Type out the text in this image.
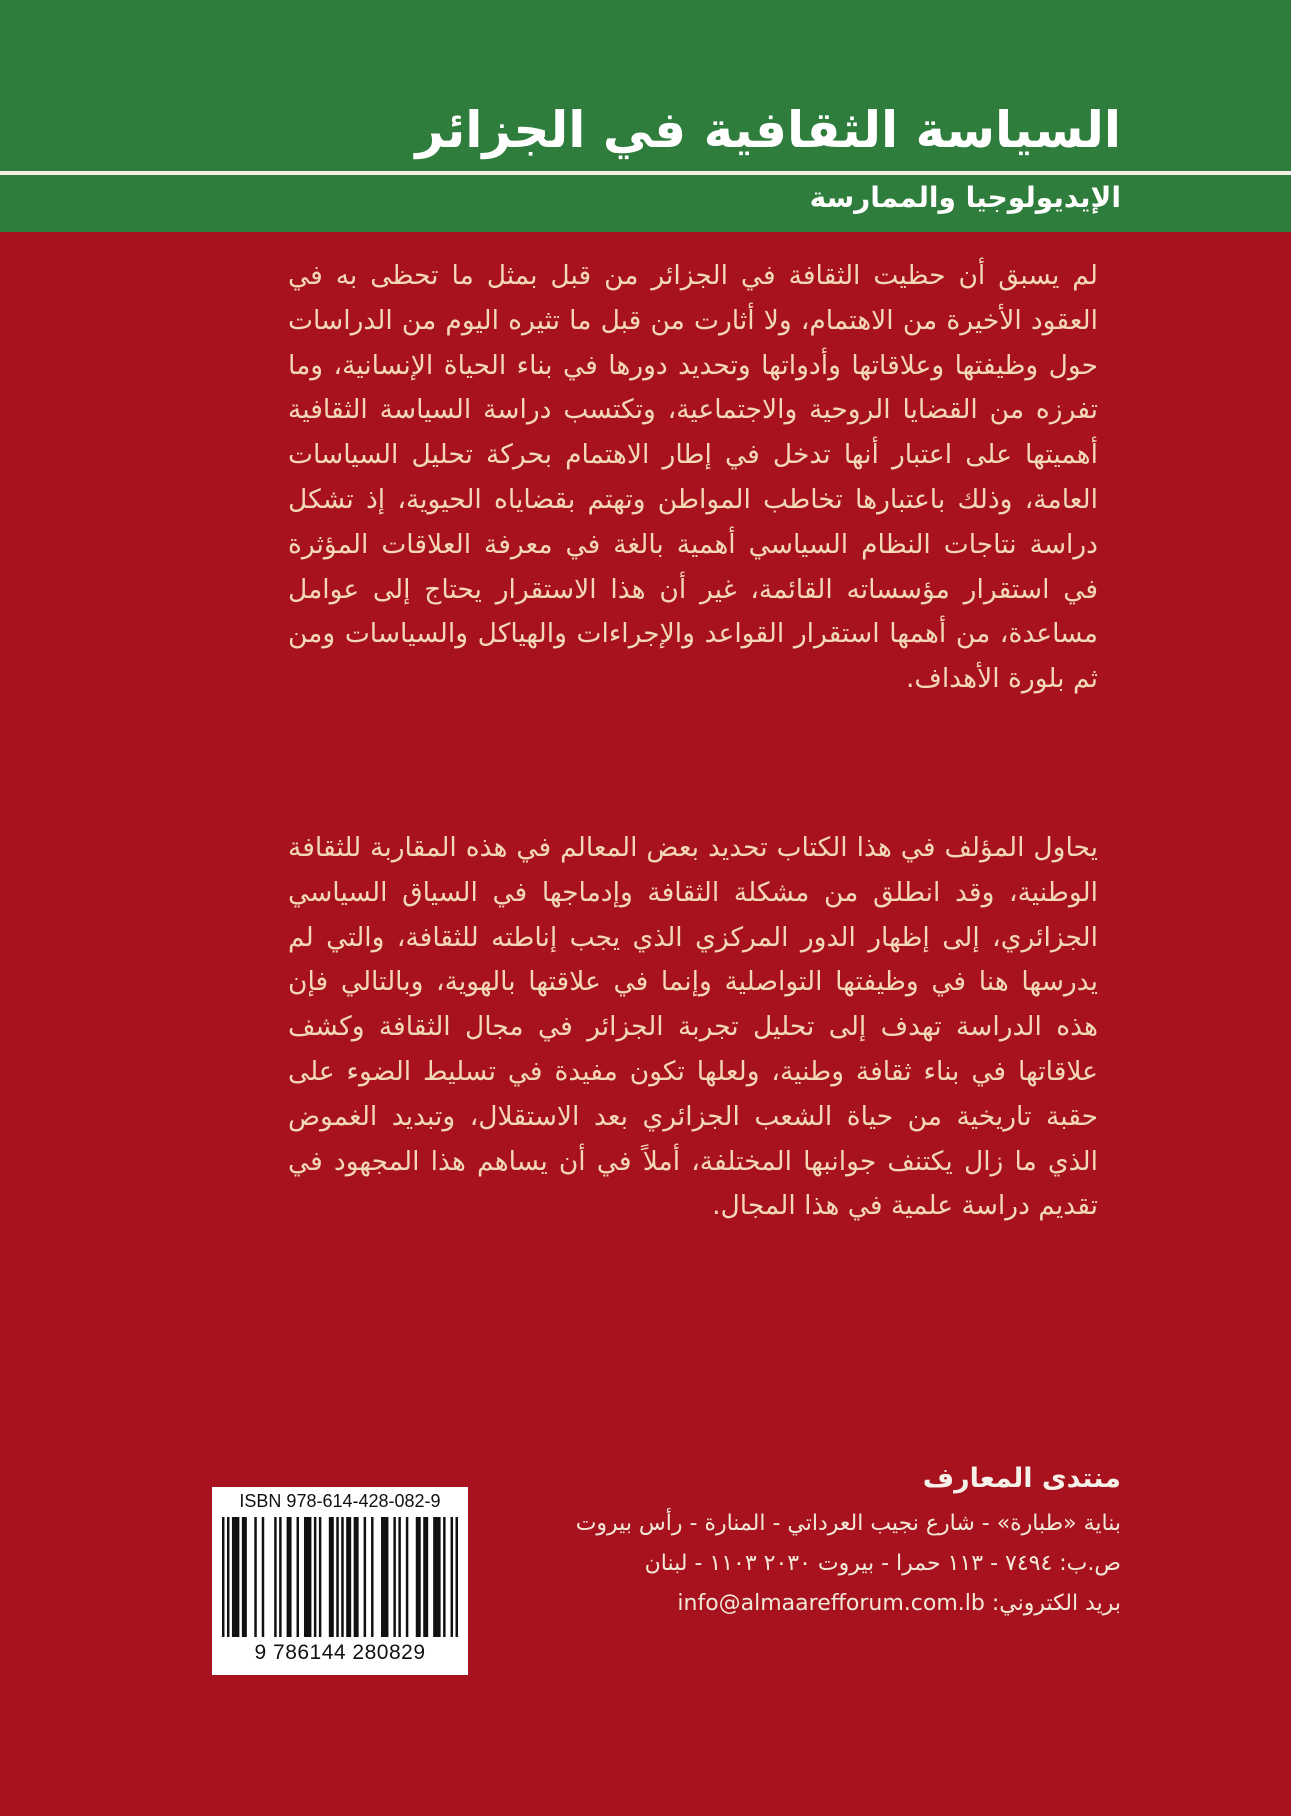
السياسة الثقافية في الجزائر
الإيديولوجيا والممارسة

لم يسبق أن حظيت الثقافة في الجزائر من قبل بمثل ما تحظى به في العقود الأخيرة من الاهتمام، ولا أثارت من قبل ما تثيره اليوم من الدراسات حول وظيفتها وعلاقاتها وأدواتها وتحديد دورها في بناء الحياة الإنسانية، وما تفرزه من القضايا الروحية والاجتماعية، وتكتسب دراسة السياسة الثقافية أهميتها على اعتبار أنها تدخل في إطار الاهتمام بحركة تحليل السياسات العامة، وذلك باعتبارها تخاطب المواطن وتهتم بقضاياه الحيوية، إذ تشكل دراسة نتاجات النظام السياسي أهمية بالغة في معرفة العلاقات المؤثرة في استقرار مؤسساته القائمة، غير أن هذا الاستقرار يحتاج إلى عوامل مساعدة، من أهمها استقرار القواعد والإجراءات والهياكل والسياسات ومن ثم بلورة الأهداف.

يحاول المؤلف في هذا الكتاب تحديد بعض المعالم في هذه المقاربة للثقافة الوطنية، وقد انطلق من مشكلة الثقافة وإدماجها في السياق السياسي الجزائري، إلى إظهار الدور المركزي الذي يجب إناطته للثقافة، والتي لم يدرسها هنا في وظيفتها التواصلية وإنما في علاقتها بالهوية، وبالتالي فإن هذه الدراسة تهدف إلى تحليل تجربة الجزائر في مجال الثقافة وكشف علاقاتها في بناء ثقافة وطنية، ولعلها تكون مفيدة في تسليط الضوء على حقبة تاريخية من حياة الشعب الجزائري بعد الاستقلال، وتبديد الغموض الذي ما زال يكتنف جوانبها المختلفة، أملاً في أن يساهم هذا المجهود في تقديم دراسة علمية في هذا المجال.

منتدى المعارف
بناية «طبارة» - شارع نجيب العرداتي - المنارة - رأس بيروت
ص.ب: ٧٤٩٤ - ١١٣ حمرا - بيروت ٢٠٣٠ ١١٠٣ - لبنان
بريد الكتروني: info@almaarefforum.com.lb
ISBN 978-614-428-082-9
9 786144 280829
